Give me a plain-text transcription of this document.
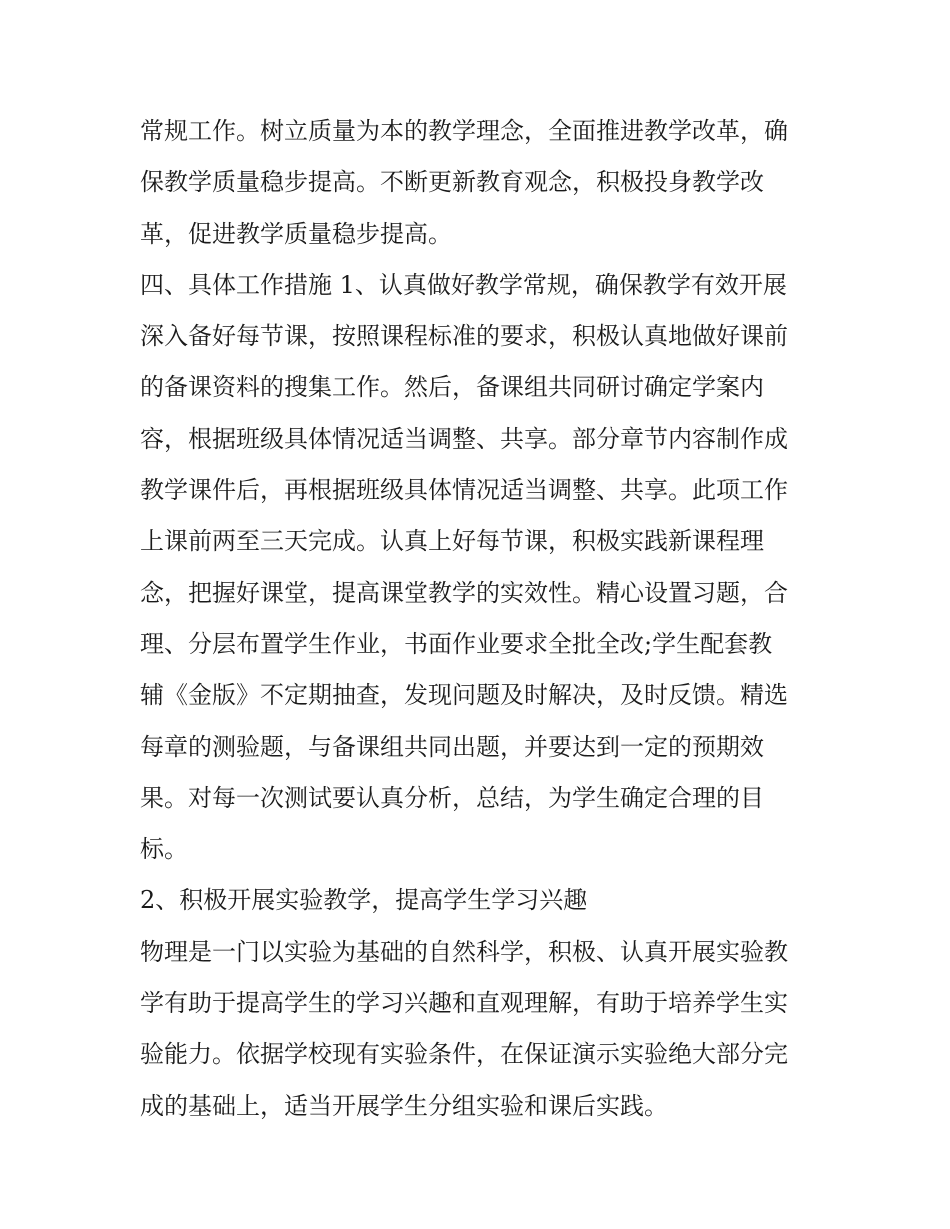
常规工作。树立质量为本的教学理念，全面推进教学改革，确
保教学质量稳步提高。不断更新教育观念，积极投身教学改
革，促进教学质量稳步提高。
四、具体工作措施 1、认真做好教学常规，确保教学有效开展
深入备好每节课，按照课程标准的要求，积极认真地做好课前
的备课资料的搜集工作。然后，备课组共同研讨确定学案内
容，根据班级具体情况适当调整、共享。部分章节内容制作成
教学课件后，再根据班级具体情况适当调整、共享。此项工作
上课前两至三天完成。认真上好每节课，积极实践新课程理
念，把握好课堂，提高课堂教学的实效性。精心设置习题，合
理、分层布置学生作业，书面作业要求全批全改;学生配套教
辅《金版》不定期抽查，发现问题及时解决，及时反馈。精选
每章的测验题，与备课组共同出题，并要达到一定的预期效
果。对每一次测试要认真分析，总结，为学生确定合理的目
标。
2、积极开展实验教学，提高学生学习兴趣
物理是一门以实验为基础的自然科学，积极、认真开展实验教
学有助于提高学生的学习兴趣和直观理解，有助于培养学生实
验能力。依据学校现有实验条件，在保证演示实验绝大部分完
成的基础上，适当开展学生分组实验和课后实践。
